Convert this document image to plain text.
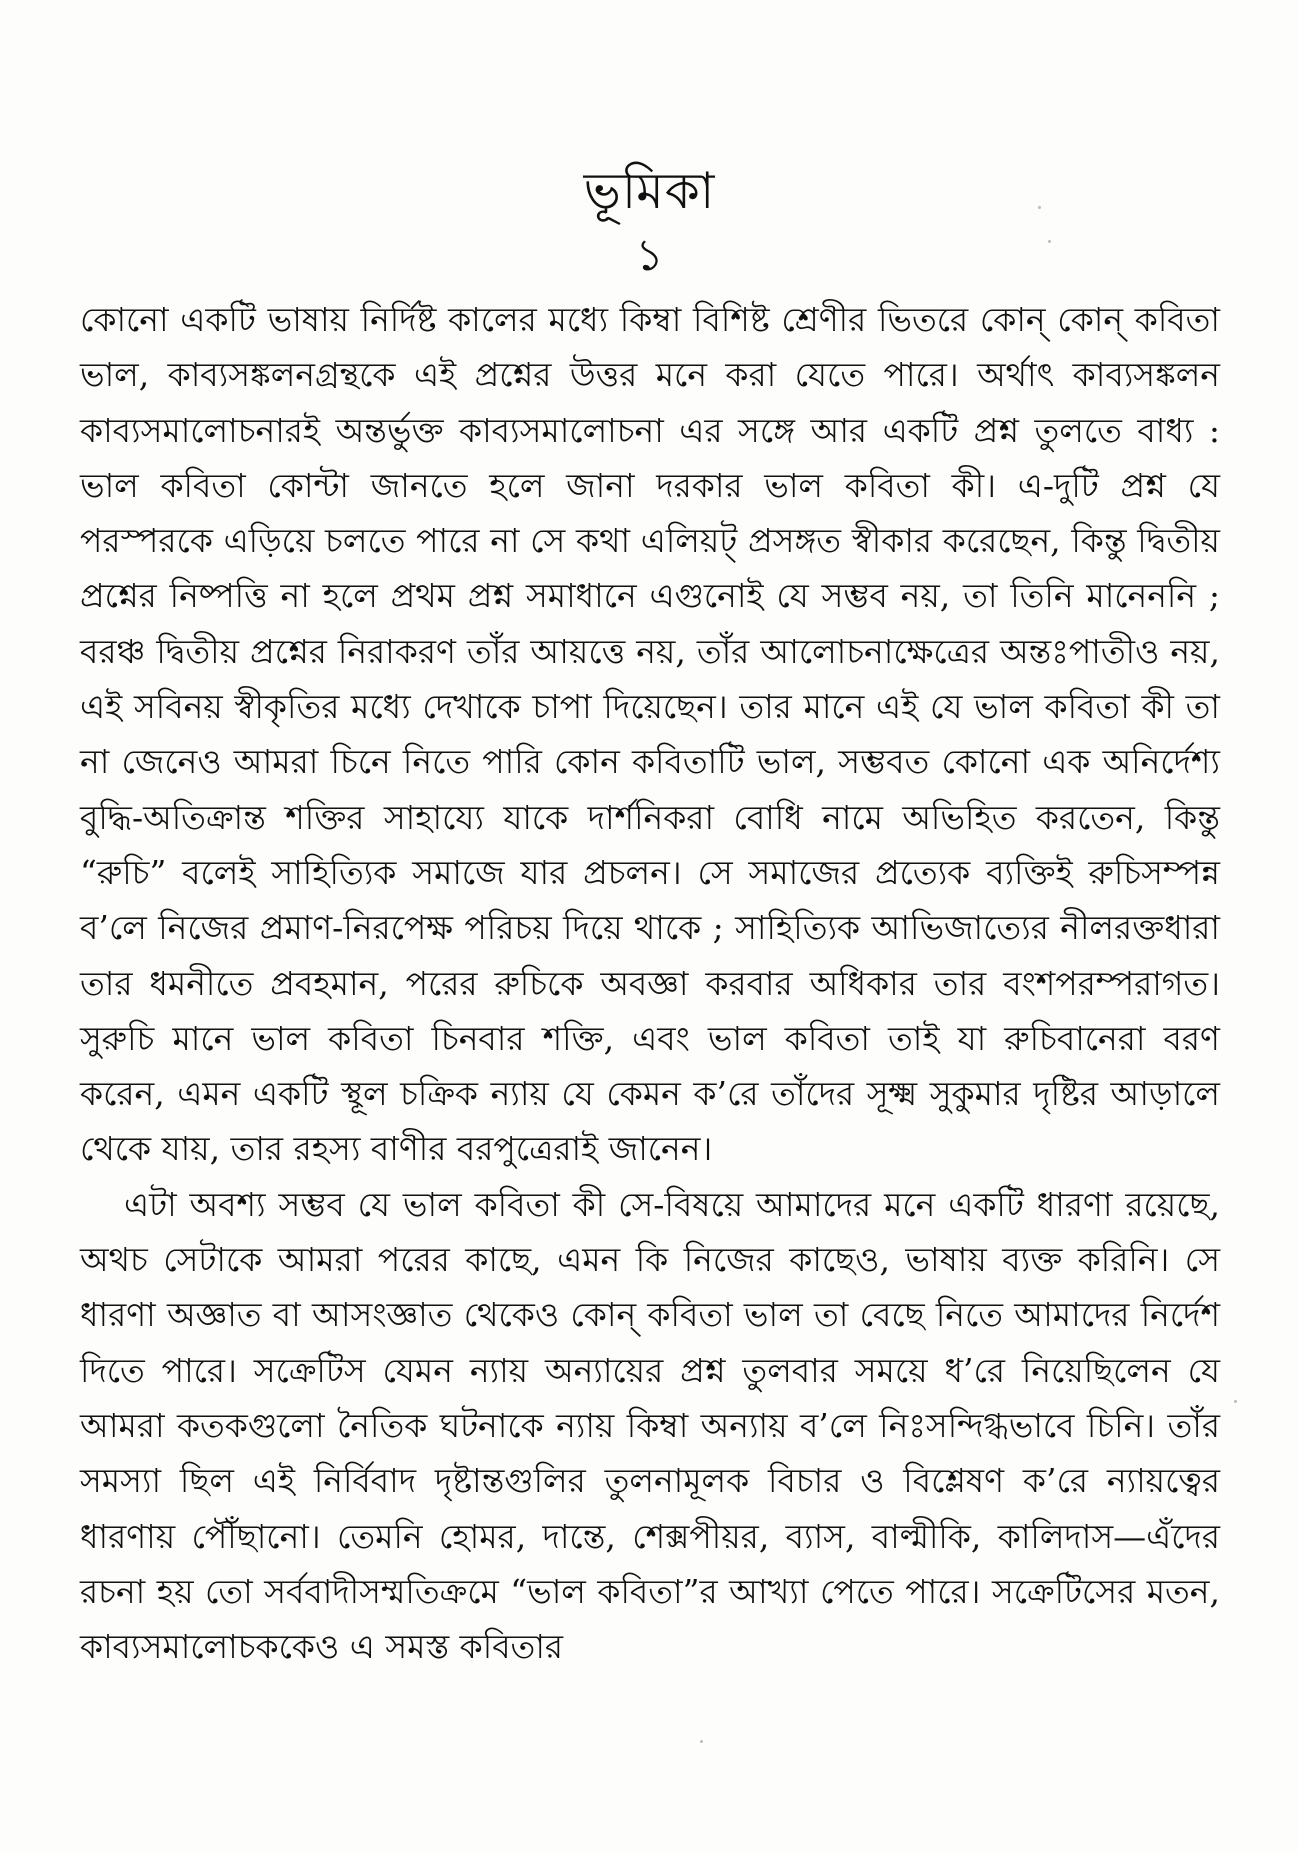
ভূমিকা
১

কোনো একটি ভাষায় নির্দিষ্ট কালের মধ্যে কিম্বা বিশিষ্ট শ্রেণীর ভিতরে কোন্ কোন্ কবিতা ভাল, কাব্যসঙ্কলনগ্রন্থকে এই প্রশ্নের উত্তর মনে করা যেতে পারে। অর্থাৎ কাব্যসঙ্কলন কাব্যসমালোচনারই অন্তর্ভুক্ত কাব্যসমালোচনা এর সঙ্গে আর একটি প্রশ্ন তুলতে বাধ্য : ভাল কবিতা কোন্টা জানতে হলে জানা দরকার ভাল কবিতা কী। এ-দুটি প্রশ্ন যে পরস্পরকে এড়িয়ে চলতে পারে না সে কথা এলিয়ট্ প্রসঙ্গত স্বীকার করেছেন, কিন্তু দ্বিতীয় প্রশ্নের নিষ্পত্তি না হলে প্রথম প্রশ্ন সমাধানে এগুনোই যে সম্ভব নয়, তা তিনি মানেননি ; বরঞ্চ দ্বিতীয় প্রশ্নের নিরাকরণ তাঁর আয়ত্তে নয়, তাঁর আলোচনাক্ষেত্রের অন্তঃপাতীও নয়, এই সবিনয় স্বীকৃতির মধ্যে দেখাকে চাপা দিয়েছেন। তার মানে এই যে ভাল কবিতা কী তা না জেনেও আমরা চিনে নিতে পারি কোন কবিতাটি ভাল, সম্ভবত কোনো এক অনির্দেশ্য বুদ্ধি-অতিক্রান্ত শক্তির সাহায্যে যাকে দার্শনিকরা বোধি নামে অভিহিত করতেন, কিন্তু “রুচি” বলেই সাহিত্যিক সমাজে যার প্রচলন। সে সমাজের প্রত্যেক ব্যক্তিই রুচিসম্পন্ন ব’লে নিজের প্রমাণ-নিরপেক্ষ পরিচয় দিয়ে থাকে ; সাহিত্যিক আভিজাত্যের নীলরক্তধারা তার ধমনীতে প্রবহমান, পরের রুচিকে অবজ্ঞা করবার অধিকার তার বংশপরম্পরাগত। সুরুচি মানে ভাল কবিতা চিনবার শক্তি, এবং ভাল কবিতা তাই যা রুচিবানেরা বরণ করেন, এমন একটি স্থূল চক্রিক ন্যায় যে কেমন ক’রে তাঁদের সূক্ষ্ম সুকুমার দৃষ্টির আড়ালে থেকে যায়, তার রহস্য বাণীর বরপুত্রেরাই জানেন।

এটা অবশ্য সম্ভব যে ভাল কবিতা কী সে-বিষয়ে আমাদের মনে একটি ধারণা রয়েছে, অথচ সেটাকে আমরা পরের কাছে, এমন কি নিজের কাছেও, ভাষায় ব্যক্ত করিনি। সে ধারণা অজ্ঞাত বা আসংজ্ঞাত থেকেও কোন্ কবিতা ভাল তা বেছে নিতে আমাদের নির্দেশ দিতে পারে। সক্রেটিস যেমন ন্যায় অন্যায়ের প্রশ্ন তুলবার সময়ে ধ’রে নিয়েছিলেন যে আমরা কতকগুলো নৈতিক ঘটনাকে ন্যায় কিম্বা অন্যায় ব’লে নিঃসন্দিগ্ধভাবে চিনি। তাঁর সমস্যা ছিল এই নির্বিবাদ দৃষ্টান্তগুলির তুলনামূলক বিচার ও বিশ্লেষণ ক’রে ন্যায়ত্বের ধারণায় পৌঁছানো। তেমনি হোমর, দান্তে, শেক্সপীয়র, ব্যাস, বাল্মীকি, কালিদাস—এঁদের রচনা হয় তো সর্ববাদীসম্মতিক্রমে “ভাল কবিতা”র আখ্যা পেতে পারে। সক্রেটিসের মতন, কাব্যসমালোচককেও এ সমস্ত কবিতার
